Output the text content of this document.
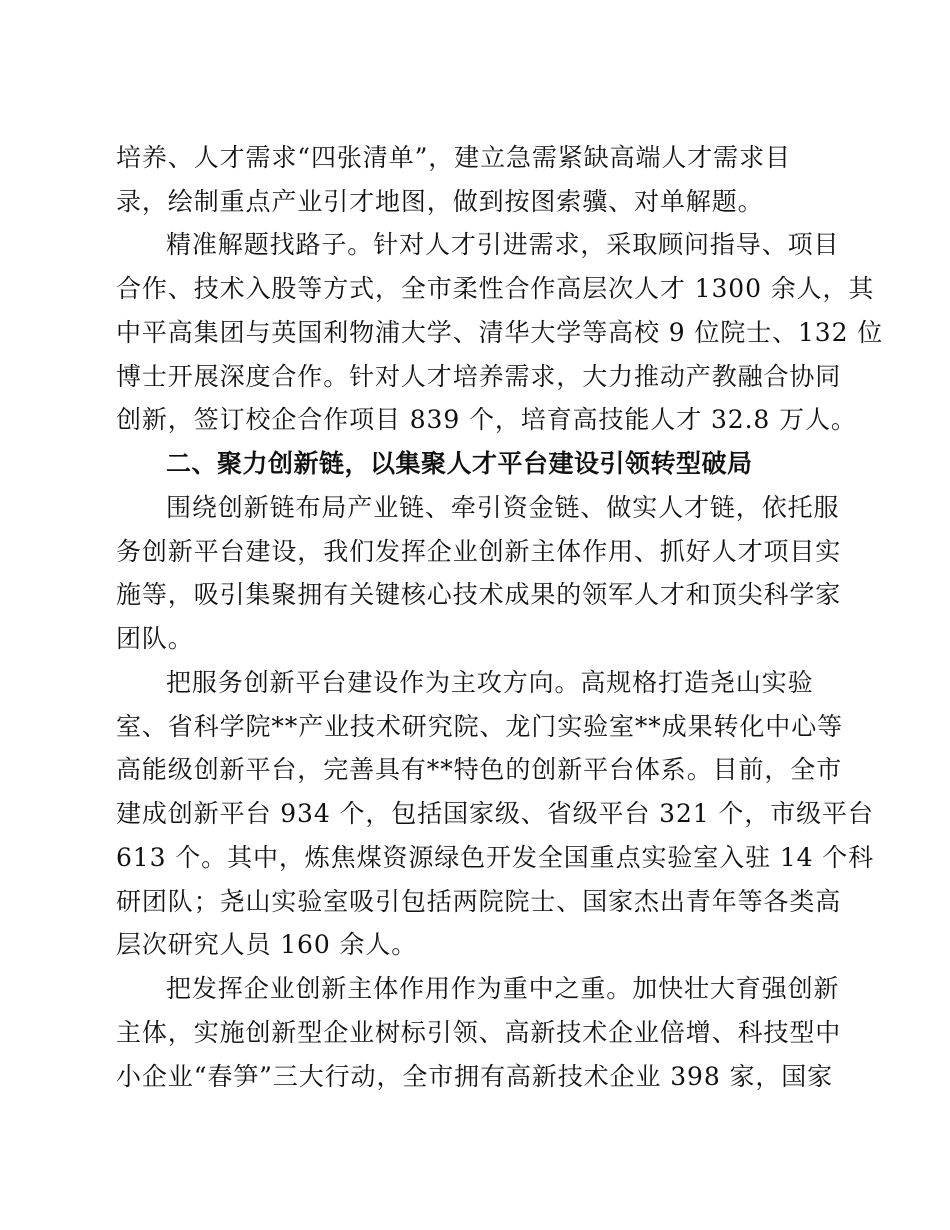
培养、人才需求“四张清单”，建立急需紧缺高端人才需求目
录，绘制重点产业引才地图，做到按图索骥、对单解题。
精准解题找路子。针对人才引进需求，采取顾问指导、项目
合作、技术入股等方式，全市柔性合作高层次人才 1300 余人，其
中平高集团与英国利物浦大学、清华大学等高校 9 位院士、132 位
博士开展深度合作。针对人才培养需求，大力推动产教融合协同
创新，签订校企合作项目 839 个，培育高技能人才 32.8 万人。
二、聚力创新链，以集聚人才平台建设引领转型破局
围绕创新链布局产业链、牵引资金链、做实人才链，依托服
务创新平台建设，我们发挥企业创新主体作用、抓好人才项目实
施等，吸引集聚拥有关键核心技术成果的领军人才和顶尖科学家
团队。
把服务创新平台建设作为主攻方向。高规格打造尧山实验
室、省科学院**产业技术研究院、龙门实验室**成果转化中心等
高能级创新平台，完善具有**特色的创新平台体系。目前，全市
建成创新平台 934 个，包括国家级、省级平台 321 个，市级平台
613 个。其中，炼焦煤资源绿色开发全国重点实验室入驻 14 个科
研团队；尧山实验室吸引包括两院院士、国家杰出青年等各类高
层次研究人员 160 余人。
把发挥企业创新主体作用作为重中之重。加快壮大育强创新
主体，实施创新型企业树标引领、高新技术企业倍增、科技型中
小企业“春笋”三大行动，全市拥有高新技术企业 398 家，国家
